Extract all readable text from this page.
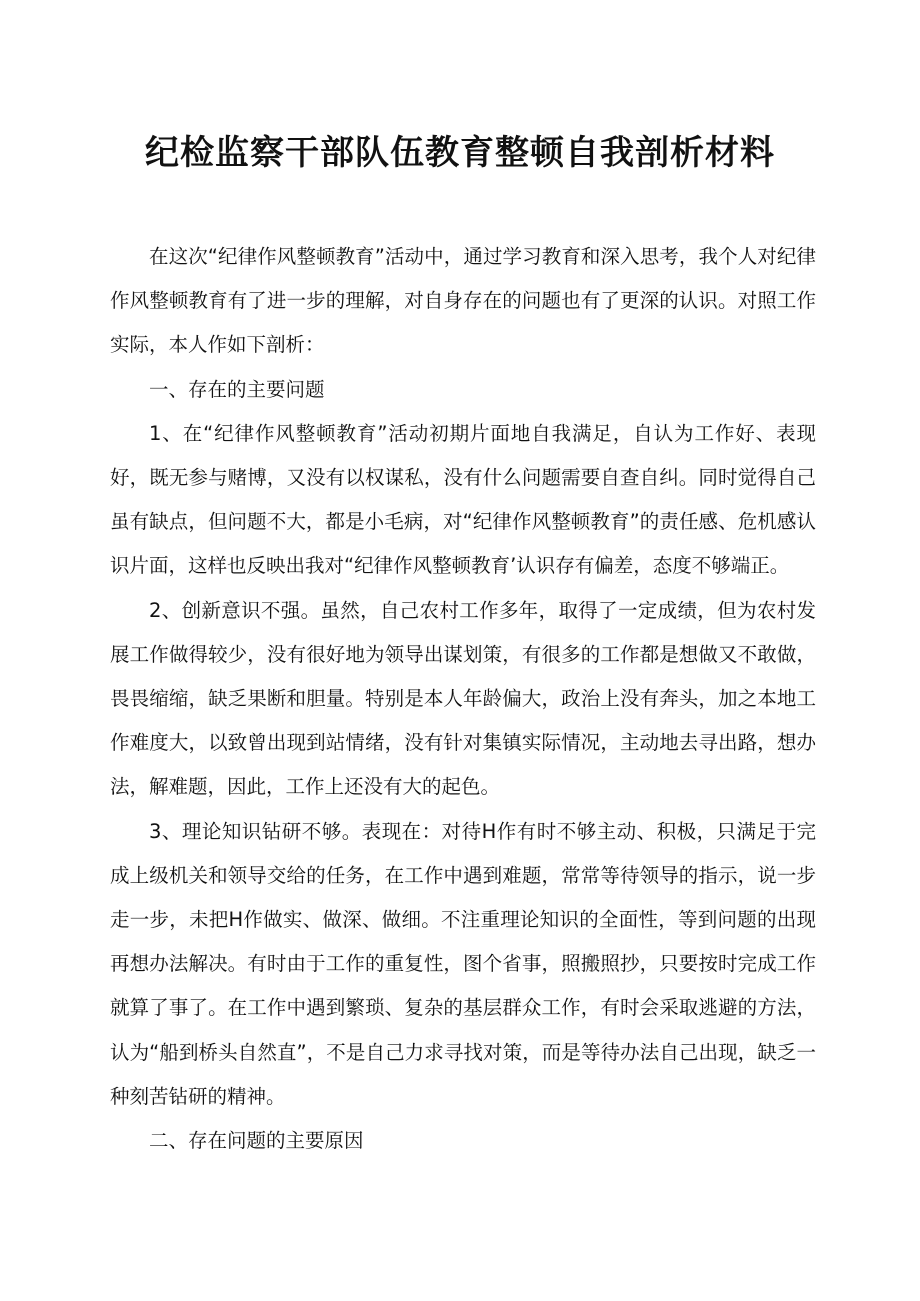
纪检监察干部队伍教育整顿自我剖析材料

在这次“纪律作风整顿教育”活动中，通过学习教育和深入思考，我个人对纪律作风整顿教育有了进一步的理解，对自身存在的问题也有了更深的认识。对照工作实际，本人作如下剖析：

一、存在的主要问题

1、在“纪律作风整顿教育”活动初期片面地自我满足，自认为工作好、表现好，既无参与赌博，又没有以权谋私，没有什么问题需要自查自纠。同时觉得自己虽有缺点，但问题不大，都是小毛病，对“纪律作风整顿教育”的责任感、危机感认识片面，这样也反映出我对“纪律作风整顿教育’认识存有偏差，态度不够端正。

2、创新意识不强。虽然，自己农村工作多年，取得了一定成绩，但为农村发展工作做得较少，没有很好地为领导出谋划策，有很多的工作都是想做又不敢做，畏畏缩缩，缺乏果断和胆量。特别是本人年龄偏大，政治上没有奔头，加之本地工作难度大，以致曾出现到站情绪，没有针对集镇实际情况，主动地去寻出路，想办法，解难题，因此，工作上还没有大的起色。

3、理论知识钻研不够。表现在：对待H作有时不够主动、积极，只满足于完成上级机关和领导交给的任务，在工作中遇到难题，常常等待领导的指示，说一步走一步，未把H作做实、做深、做细。不注重理论知识的全面性，等到问题的出现再想办法解决。有时由于工作的重复性，图个省事，照搬照抄，只要按时完成工作就算了事了。在工作中遇到繁琐、复杂的基层群众工作，有时会采取逃避的方法，认为“船到桥头自然直”，不是自己力求寻找对策，而是等待办法自己出现，缺乏一种刻苦钻研的精神。

二、存在问题的主要原因
